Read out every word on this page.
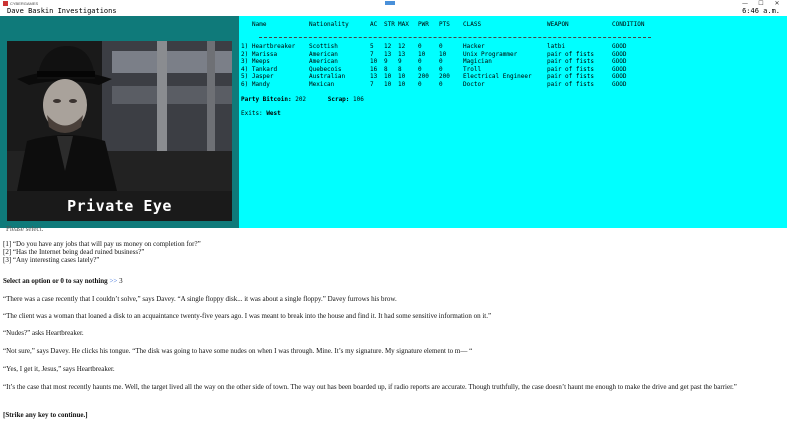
CYBERGAMES	—	☐	✕
Dave Baskin Investigations	6:46 a.m.
Private Eye
Name	Nationality	AC STR MAX PWR PTS CLASS	WEAPON	CONDITION
1) Heartbreaker Scottish	5 12 12 0	0	Hacker	latbi	GOOD
2) Marissa	American	7 13 13 10 10	Unix Programmer	pair of fists	GOOD
3) Meeps	American	10 9 9	0	0	Magician	pair of fists	GOOD
4) Tankard	Quebecois	16 8 8	0	0	Troll	pair of fists	GOOD
5) Jasper	Australian	13 10 10 200 200 Electrical Engineer	pair of fists	GOOD
6) Mandy	Mexican	7 10 10 0	0	Doctor	pair of fists	GOOD
Party Bitcoin: 202	Scrap: 106
Exits: West
Please select.
[1] “Do you have any jobs that will pay us money on completion for?”
[2] “Has the Internet being dead ruined business?”
[3] “Any interesting cases lately?”

Select an option or 0 to say nothing >> 3

“There was a case recently that I couldn’t solve,” says Davey. “A single floppy disk... it was about a single floppy.” Davey furrows his brow.

“The client was a woman that loaned a disk to an acquaintance twenty-five years ago. I was meant to break into the house and find it. It had some sensitive information on it.”

“Nudes?” asks Heartbreaker.

“Not sure,” says Davey. He clicks his tongue. “The disk was going to have some nudes on when I was through. Mine. It’s my signature. My signature element to m— “

“Yes, I get it, Jesus,” says Heartbreaker.

“It’s the case that most recently haunts me. Well, the target lived all the way on the other side of town. The way out has been boarded up, if radio reports are accurate. Though truthfully, the case doesn’t haunt me enough to make the drive and get past the barrier.”

[Strike any key to continue.]
